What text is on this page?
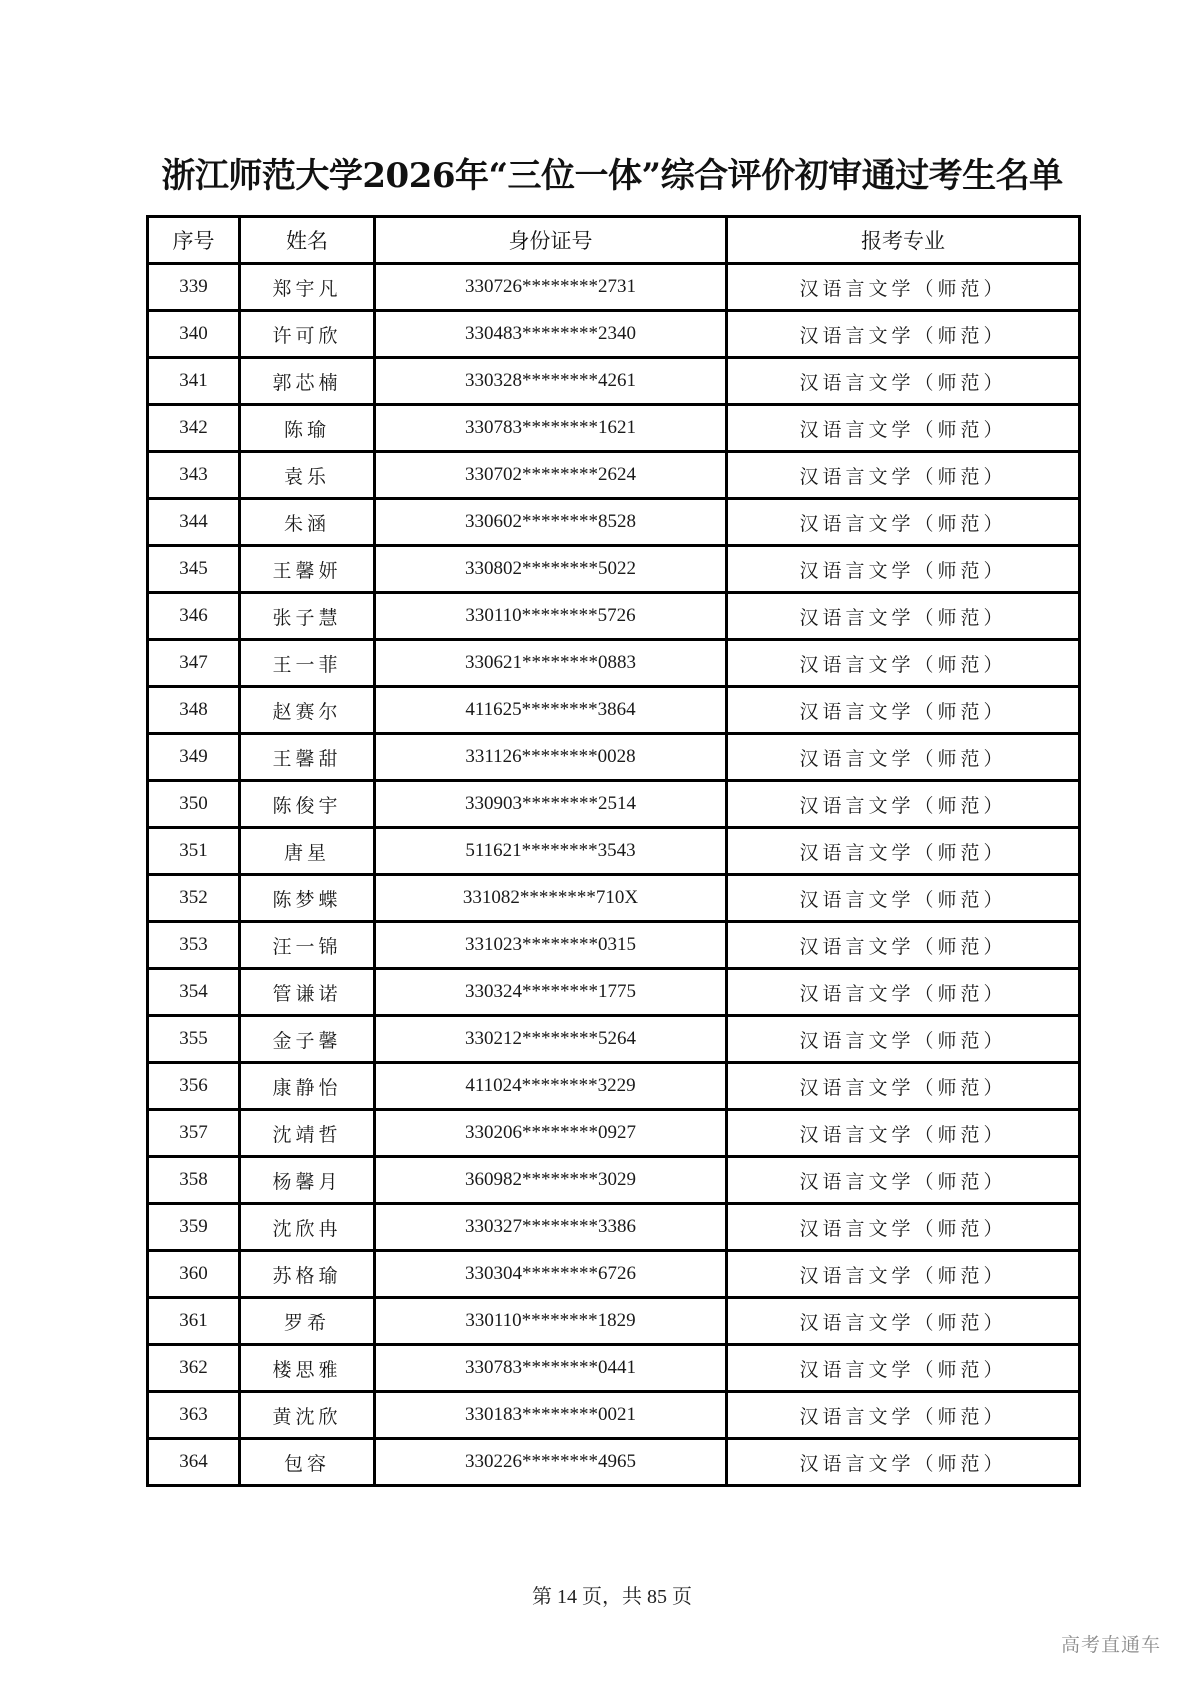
浙江师范大学2026年“三位一体”综合评价初审通过考生名单
序号	姓名	身份证号	报考专业
339	郑宇凡	330726********2731	汉语言文学（师范）
340	许可欣	330483********2340	汉语言文学（师范）
341	郭芯楠	330328********4261	汉语言文学（师范）
342	陈瑜	330783********1621	汉语言文学（师范）
343	袁乐	330702********2624	汉语言文学（师范）
344	朱涵	330602********8528	汉语言文学（师范）
345	王馨妍	330802********5022	汉语言文学（师范）
346	张子慧	330110********5726	汉语言文学（师范）
347	王一菲	330621********0883	汉语言文学（师范）
348	赵赛尔	411625********3864	汉语言文学（师范）
349	王馨甜	331126********0028	汉语言文学（师范）
350	陈俊宇	330903********2514	汉语言文学（师范）
351	唐星	511621********3543	汉语言文学（师范）
352	陈梦蝶	331082********710X	汉语言文学（师范）
353	汪一锦	331023********0315	汉语言文学（师范）
354	管谦诺	330324********1775	汉语言文学（师范）
355	金子馨	330212********5264	汉语言文学（师范）
356	康静怡	411024********3229	汉语言文学（师范）
357	沈靖哲	330206********0927	汉语言文学（师范）
358	杨馨月	360982********3029	汉语言文学（师范）
359	沈欣冉	330327********3386	汉语言文学（师范）
360	苏格瑜	330304********6726	汉语言文学（师范）
361	罗希	330110********1829	汉语言文学（师范）
362	楼思雅	330783********0441	汉语言文学（师范）
363	黄沈欣	330183********0021	汉语言文学（师范）
364	包容	330226********4965	汉语言文学（师范）
第 14 页，共 85 页
高考直通车
